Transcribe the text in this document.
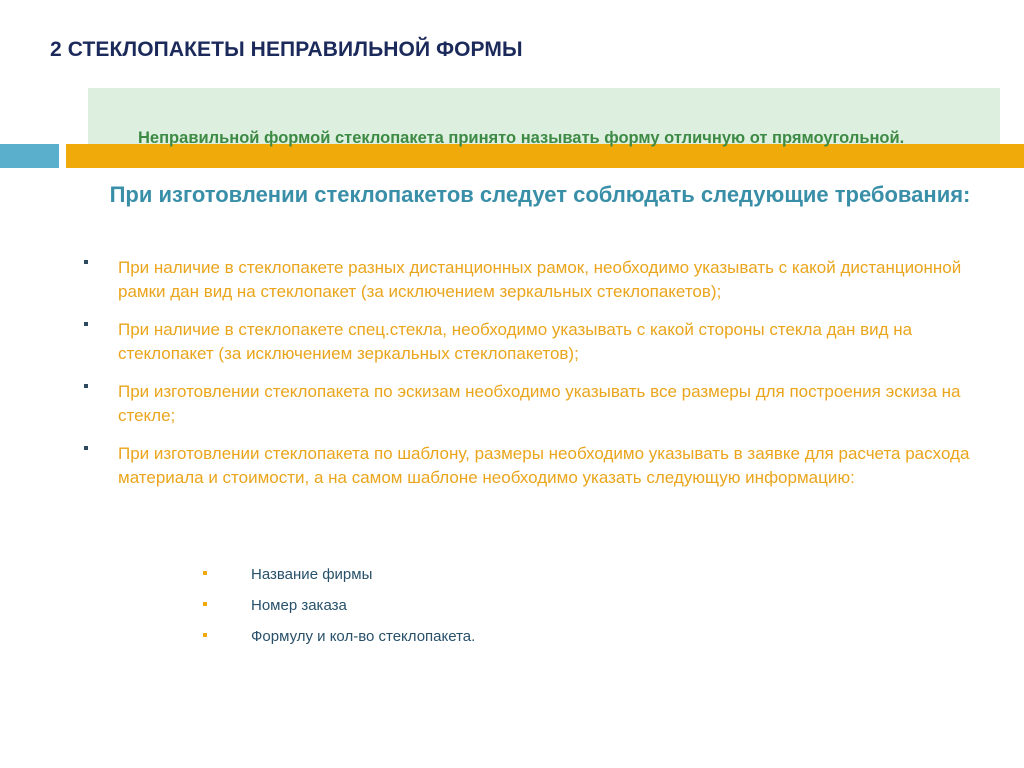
2 СТЕКЛОПАКЕТЫ НЕПРАВИЛЬНОЙ ФОРМЫ
Неправильной формой стеклопакета принято называть форму отличную от прямоугольной.
При изготовлении стеклопакетов следует соблюдать следующие требования:
При наличие в стеклопакете разных дистанционных рамок, необходимо указывать с какой дистанционной рамки дан вид на стеклопакет (за исключением зеркальных стеклопакетов);
При наличие в стеклопакете спец.стекла, необходимо указывать с какой стороны стекла дан вид на стеклопакет (за исключением зеркальных стеклопакетов);
При изготовлении стеклопакета по эскизам необходимо указывать все размеры для построения эскиза на стекле;
При изготовлении стеклопакета по шаблону, размеры необходимо указывать в заявке для расчета расхода материала и стоимости, а на самом шаблоне необходимо указать следующую информацию:
Название фирмы
Номер заказа
Формулу и кол-во стеклопакета.
